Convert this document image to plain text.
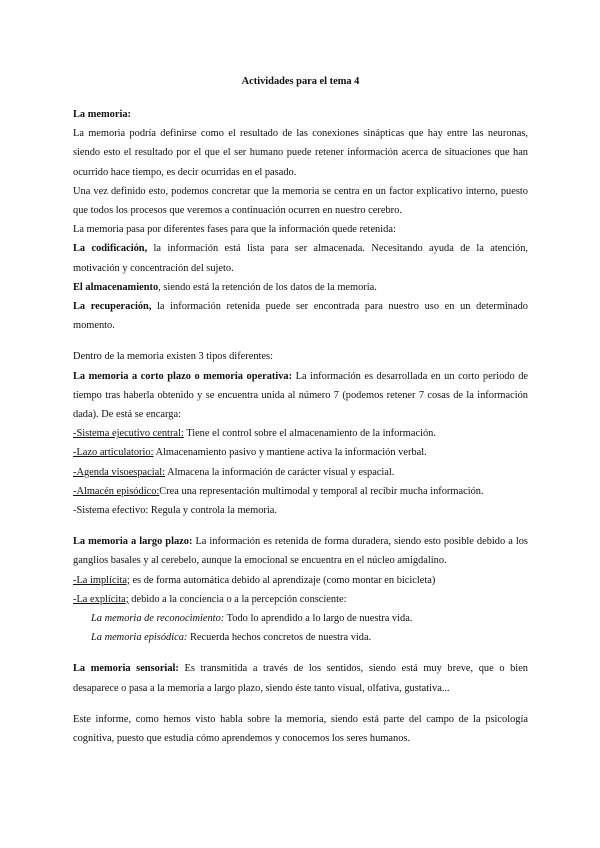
Actividades para el tema 4

La memoria:

La memoria podría definirse como el resultado de las conexiones sinápticas que hay entre las neuronas, siendo esto el resultado por el que el ser humano puede retener información acerca de situaciones que han ocurrido hace tiempo, es decir ocurridas en el pasado.

Una vez definido esto, podemos concretar que la memoria se centra en un factor explicativo interno, puesto que todos los procesos que veremos a continuación ocurren en nuestro cerebro.

La memoria pasa por diferentes fases para que la información quede retenida:

La codificación, la información está lista para ser almacenada. Necesitando ayuda de la atención, motivación y concentración del sujeto.

El almacenamiento, siendo está la retención de los datos de la memoria.

La recuperación, la información retenida puede ser encontrada para nuestro uso en un determinado momento.

Dentro de la memoria existen 3 tipos diferentes:

La memoria a corto plazo o memoria operativa: La información es desarrollada en un corto periodo de tiempo tras haberla obtenido y se encuentra unida al número 7 (podemos retener 7 cosas de la información dada). De está se encarga:

-Sistema ejecutivo central: Tiene el control sobre el almacenamiento de la información.

-Lazo articulatorio: Almacenamiento pasivo y mantiene activa la información verbal.

-Agenda visoespacial: Almacena la información de carácter visual y espacial.

-Almacén episódico:Crea una representación multimodal y temporal al recibir mucha información.

-Sistema efectivo: Regula y controla la memoria.

La memoria a largo plazo: La información es retenida de forma duradera, siendo esto posible debido a los ganglios basales y al cerebelo, aunque la emocional se encuentra en el núcleo amigdalino.

-La implícita; es de forma automática debido al aprendizaje (como montar en bicicleta)

-La explícita; debido a la conciencia o a la percepción consciente:

La memoria de reconocimiento: Todo lo aprendido a lo largo de nuestra vida.

La memoria episódica: Recuerda hechos concretos de nuestra vida.

La memoria sensorial: Es transmitida a través de los sentidos, siendo está muy breve, que o bien desaparece o pasa a la memoria a largo plazo, siendo éste tanto visual, olfativa, gustativa...

Este informe, como hemos visto habla sobre la memoria, siendo está parte del campo de la psicología cognitiva, puesto que estudia cómo aprendemos y conocemos los seres humanos.
